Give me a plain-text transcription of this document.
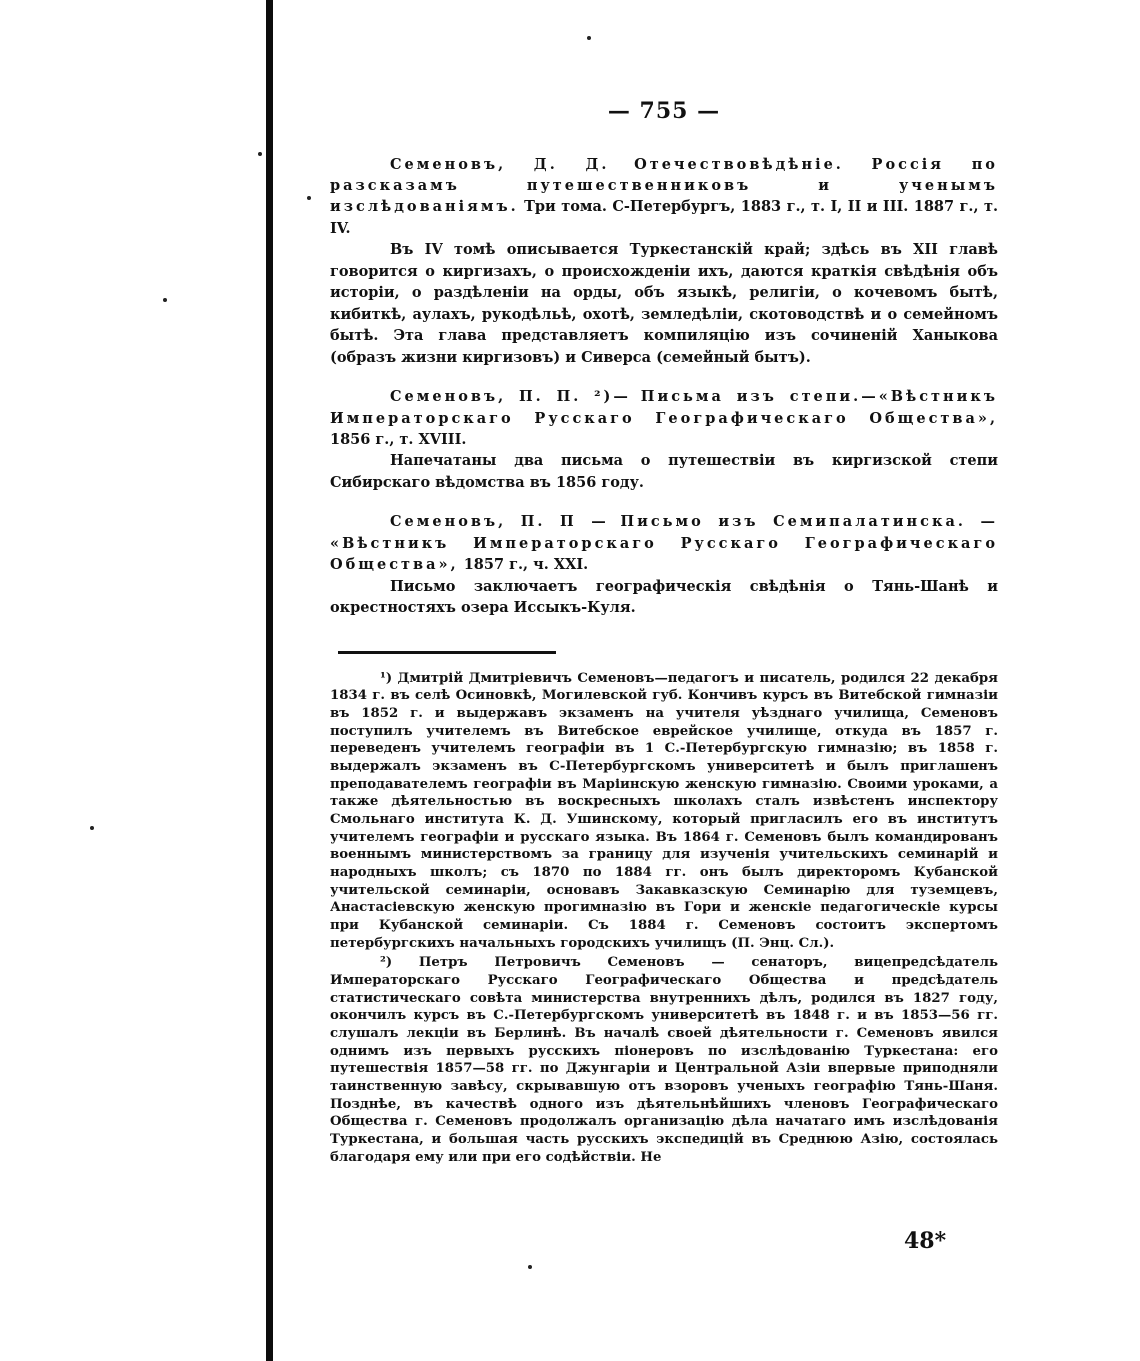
— 755 —

Семеновъ, Д. Д. Отечествовѣдѣніе. Россія по разсказамъ путешественниковъ и ученымъ изслѣдованіямъ. Три тома. С-Петербургъ, 1883 г., т. I, II и III. 1887 г., т. IV.

Въ IV томѣ описывается Туркестанскій край; здѣсь въ XII главѣ говорится о киргизахъ, о происхожденіи ихъ, даются краткія свѣдѣнія объ исторіи, о раздѣленіи на орды, объ языкѣ, религіи, о кочевомъ бытѣ, кибиткѣ, аулахъ, рукодѣльѣ, охотѣ, земледѣліи, скотоводствѣ и о семейномъ бытѣ. Эта глава представляетъ компиляцію изъ сочиненій Ханыкова (образъ жизни киргизовъ) и Сиверса (семейный бытъ).

Семеновъ, П. П. ²)— Письма изъ степи.—«Вѣстникъ Императорскаго Русскаго Географическаго Общества», 1856 г., т. XVIII.

Напечатаны два письма о путешествіи въ киргизской степи Сибирскаго вѣдомства въ 1856 году.

Семеновъ, П. П — Письмо изъ Семипалатинска. — «Вѣстникъ Императорскаго Русскаго Географическаго Общества», 1857 г., ч. XXI.

Письмо заключаетъ географическія свѣдѣнія о Тянь-Шанѣ и окрестностяхъ озера Иссыкъ-Куля.

¹) Дмитрій Дмитріевичъ Семеновъ—педагогъ и писатель, родился 22 декабря 1834 г. въ селѣ Осиновкѣ, Могилевской губ. Кончивъ курсъ въ Витебской гимназіи въ 1852 г. и выдержавъ экзаменъ на учителя уѣзднаго училища, Семеновъ поступилъ учителемъ въ Витебское еврейское училище, откуда въ 1857 г. переведенъ учителемъ географіи въ 1 С.-Петербургскую гимназію; въ 1858 г. выдержалъ экзаменъ въ С-Петербургскомъ университетѣ и былъ приглашенъ преподавателемъ географіи въ Маріинскую женскую гимназію. Своими уроками, а также дѣятельностью въ воскресныхъ школахъ сталъ извѣстенъ инспектору Смольнаго института К. Д. Ушинскому, который пригласилъ его въ институтъ учителемъ географіи и русскаго языка. Въ 1864 г. Семеновъ былъ командированъ военнымъ министерствомъ за границу для изученія учительскихъ семинарій и народныхъ школъ; съ 1870 по 1884 гг. онъ былъ директоромъ Кубанской учительской семинаріи, основавъ Закавказскую Семинарію для туземцевъ, Анастасіевскую женскую прогимназію въ Гори и женскіе педагогическіе курсы при Кубанской семинаріи. Съ 1884 г. Семеновъ состоитъ экспертомъ петербургскихъ начальныхъ городскихъ училищъ (П. Энц. Сл.).

²) Петръ Петровичъ Семеновъ — сенаторъ, вицепредсѣдатель Императорскаго Русскаго Географическаго Общества и предсѣдатель статистическаго совѣта министерства внутреннихъ дѣлъ, родился въ 1827 году, окончилъ курсъ въ С.-Петербургскомъ университетѣ въ 1848 г. и въ 1853—56 гг. слушалъ лекціи въ Берлинѣ. Въ началѣ своей дѣятельности г. Семеновъ явился однимъ изъ первыхъ русскихъ піонеровъ по изслѣдованію Туркестана: его путешествія 1857—58 гг. по Джунгаріи и Центральной Азіи впервые приподняли таинственную завѣсу, скрывавшую отъ взоровъ ученыхъ географію Тянь-Шаня. Позднѣе, въ качествѣ одного изъ дѣятельнѣйшихъ членовъ Географическаго Общества г. Семеновъ продолжалъ организацію дѣла начатаго имъ изслѣдованія Туркестана, и большая часть русскихъ экспедицій въ Среднюю Азію, состоялась благодаря ему или при его содѣйствіи. Не

48*
